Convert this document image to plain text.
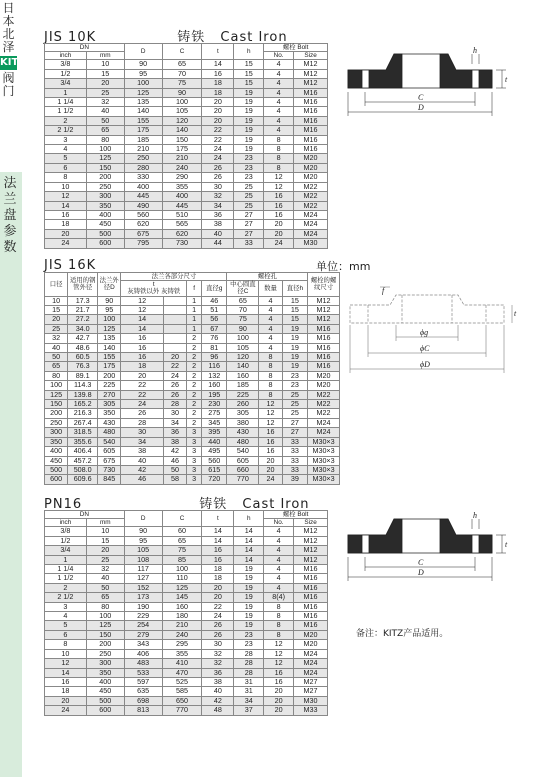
日
本
北
泽
KITZ
阀
门
法
兰
盘
参
数
JIS 10K	铸铁 Cast Iron
DN		D	C	t	h	螺栓 Bolt	
inch	mm					No.	Size
3/8	10	90	65	14	15	4	M12
1/2	15	95	70	16	15	4	M12
3/4	20	100	75	18	15	4	M12
1	25	125	90	18	19	4	M16
1 1/4	32	135	100	20	19	4	M16
1 1/2	40	140	105	20	19	4	M16
2	50	155	120	20	19	4	M16
2 1/2	65	175	140	22	19	4	M16
3	80	185	150	22	19	8	M16
4	100	210	175	24	19	8	M16
5	125	250	210	24	23	8	M20
6	150	280	240	26	23	8	M20
8	200	330	290	26	23	12	M20
10	250	400	355	30	25	12	M22
12	300	445	400	32	25	16	M22
14	350	490	445	34	25	16	M22
16	400	560	510	36	27	16	M24
18	450	620	565	38	27	20	M24
20	500	675	620	40	27	20	M24
24	600	795	730	44	33	24	M30
h
t
C
D
JIS 16K	单位：mm
口径	适用的钢管外径	法兰外径D	法兰各部分尺寸				螺栓孔			螺栓的螺纹尺寸
			t
灰铸铁以外 灰铸铁		f	直径g	中心圆直径C	数量	直径h	
10	17.3	90	12		1	46	65	4	15	M12
15	21.7	95	12		1	51	70	4	15	M12
20	27.2	100	14		1	56	75	4	15	M12
25	34.0	125	14		1	67	90	4	19	M16
32	42.7	135	16		2	76	100	4	19	M16
40	48.6	140	16		2	81	105	4	19	M16
50	60.5	155	16	20	2	96	120	8	19	M16
65	76.3	175	18	22	2	116	140	8	19	M16
80	89.1	200	20	24	2	132	160	8	23	M20
100	114.3	225	22	26	2	160	185	8	23	M20
125	139.8	270	22	26	2	195	225	8	25	M22
150	165.2	305	24	28	2	230	260	12	25	M22
200	216.3	350	26	30	2	275	305	12	25	M22
250	267.4	430	28	34	2	345	380	12	27	M24
300	318.5	480	30	36	3	395	430	16	27	M24
350	355.6	540	34	38	3	440	480	16	33	M30×3
400	406.4	605	38	42	3	495	540	16	33	M30×3
450	457.2	675	40	46	3	560	605	20	33	M30×3
500	508.0	730	42	50	3	615	660	20	33	M30×3
600	609.6	845	46	58	3	720	770	24	39	M30×3
f
t
ϕg
ϕC
ϕD
PN16	铸铁 Cast Iron
DN		D	C	t	h	螺栓 Bolt	
inch	mm					No.	Size
3/8	10	90	60	14	14	4	M12
1/2	15	95	65	14	14	4	M12
3/4	20	105	75	16	14	4	M12
1	25	108	85	16	14	4	M12
1 1/4	32	117	100	18	19	4	M16
1 1/2	40	127	110	18	19	4	M16
2	50	152	125	20	19	4	M16
2 1/2	65	173	145	20	19	8(4)	M16
3	80	190	160	22	19	8	M16
4	100	229	180	24	19	8	M16
5	125	254	210	26	19	8	M16
6	150	279	240	26	23	8	M20
8	200	343	295	30	23	12	M20
10	250	406	355	32	28	12	M24
12	300	483	410	32	28	12	M24
14	350	533	470	36	28	16	M24
16	400	597	525	38	31	16	M27
18	450	635	585	40	31	20	M27
20	500	698	650	42	34	20	M30
24	600	813	770	48	37	20	M33
h
t
C
D
备注：KITZ产品适用。
